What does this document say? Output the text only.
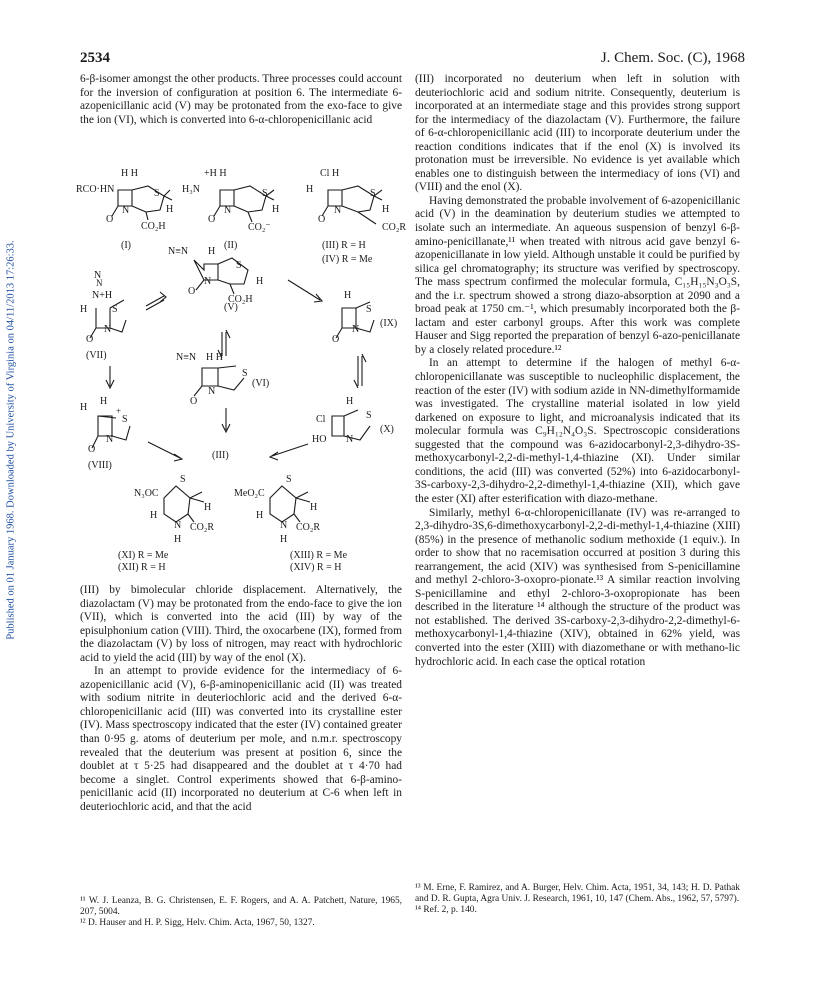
Published on 01 January 1968. Downloaded by University of Virginia on 04/11/2013 17:26:33.
2534	J. Chem. Soc. (C), 1968

6-β-isomer amongst the other products. Three processes could account for the inversion of configuration at position 6. The intermediate 6-azopenicillanic acid (V) may be protonated from the exo-face to give the ion (VI), which is converted into 6-α-chloropenicillanic acid

H H
RCO·HN	S
N
O
H
CO₂H
(I)
+H H
H₃N	S
N
O
H
CO₂⁻
(II)
Cl H
H	S
N
O
H
CO₂R
(III) R = H
(IV) R = Me
N≡N H
S
N
O
H
CO₂H
(V)
N
N
N+H
H S
N
O
(VII)
H
S
N
O
(IX)
N≡N H H
S
N
O
(VI)
H
H
+
S
N
O
(VIII)
(III)
H
S
Cl
HO N
(X)
N₃OC
S
H
H
N CO₂R
H
(XI) R = Me
(XII) R = H
MeO₂C
S
H
H
N CO₂R
H
(XIII) R = Me
(XIV) R = H

(III) by bimolecular chloride displacement. Alternatively, the diazolactam (V) may be protonated from the endo-face to give the ion (VII), which is converted into the acid (III) by way of the episulphonium cation (VIII). Third, the oxocarbene (IX), formed from the diazolactam (V) by loss of nitrogen, may react with hydrochloric acid to yield the acid (III) by way of the enol (X).

In an attempt to provide evidence for the intermediacy of 6-azopenicillanic acid (V), 6-β-aminopenicillanic acid (II) was treated with sodium nitrite in deuteriochloric acid and the derived 6-α-chloropenicillanic acid (III) was converted into its crystalline ester (IV). Mass spectroscopy indicated that the ester (IV) contained greater than 0·95 g. atoms of deuterium per mole, and n.m.r. spectroscopy revealed that the deuterium was present at position 6, since the doublet at τ 5·25 had disappeared and the doublet at τ 4·70 had become a singlet. Control experiments showed that 6-β-amino-penicillanic acid (II) incorporated no deuterium at C-6 when left in deuteriochloric acid, and that the acid

(III) incorporated no deuterium when left in solution with deuteriochloric acid and sodium nitrite. Consequently, deuterium is incorporated at an intermediate stage and this provides strong support for the intermediacy of the diazolactam (V). Furthermore, the failure of 6-α-chloropenicillanic acid (III) to incorporate deuterium under the reaction conditions indicates that if the enol (X) is involved its protonation must be irreversible. No evidence is yet available which enables one to distinguish between the intermediacy of ions (VI) and (VIII) and the enol (X).

Having demonstrated the probable involvement of 6-azopenicillanic acid (V) in the deamination by deuterium studies we attempted to isolate such an intermediate. An aqueous suspension of benzyl 6-β-amino-penicillanate,¹¹ when treated with nitrous acid gave benzyl 6-azopenicillanate in low yield. Although unstable it could be purified by silica gel chromatography; its structure was verified by spectroscopy. The mass spectrum confirmed the molecular formula, C₁₅H₁₅N₃O₃S, and the i.r. spectrum showed a strong diazo-absorption at 2090 and a broad peak at 1750 cm.⁻¹, which presumably incorporated both the β-lactam and ester carbonyl groups. After this work was complete Hauser and Sigg reported the preparation of benzyl 6-azo-penicillanate by a closely related procedure.¹²

In an attempt to determine if the halogen of methyl 6-α-chloropenicillanate was susceptible to nucleophilic displacement, the reaction of the ester (IV) with sodium azide in NN-dimethylformamide was investigated. The crystalline material isolated in low yield darkened on exposure to light, and microanalysis indicated that its molecular formula was C₉H₁₂N₄O₃S. Spectroscopic considerations suggested that the compound was 6-azidocarbonyl-2,3-dihydro-3S-methoxycarbonyl-2,2-di-methyl-1,4-thiazine (XI). Under similar conditions, the acid (III) was converted (52%) into 6-azidocarbonyl-3S-carboxy-2,3-dihydro-2,2-dimethyl-1,4-thiazine (XII), which gave the ester (XI) after esterification with diazo-methane.

Similarly, methyl 6-α-chloropenicillanate (IV) was re-arranged to 2,3-dihydro-3S,6-dimethoxycarbonyl-2,2-di-methyl-1,4-thiazine (XIII) (85%) in the presence of methanolic sodium methoxide (1 equiv.). In order to show that no racemisation occurred at position 3 during this rearrangement, the acid (XIV) was synthesised from S-penicillamine and methyl 2-chloro-3-oxopro-pionate.¹³ A similar reaction involving S-penicillamine and ethyl 2-chloro-3-oxopropionate has been described in the literature ¹⁴ although the structure of the product was not established. The derived 3S-carboxy-2,3-dihydro-2,2-dimethyl-6-methoxycarbonyl-1,4-thiazine (XIV), obtained in 62% yield, was converted into the ester (XIII) with diazomethane or with methano-lic hydrochloric acid. In each case the optical rotation

¹¹ W. J. Leanza, B. G. Christensen, E. F. Rogers, and A. A. Patchett, Nature, 1965, 207, 5004.

¹² D. Hauser and H. P. Sigg, Helv. Chim. Acta, 1967, 50, 1327.

¹³ M. Erne, F. Ramirez, and A. Burger, Helv. Chim. Acta, 1951, 34, 143; H. D. Pathak and D. R. Gupta, Agra Univ. J. Research, 1961, 10, 147 (Chem. Abs., 1962, 57, 5797).

¹⁴ Ref. 2, p. 140.
